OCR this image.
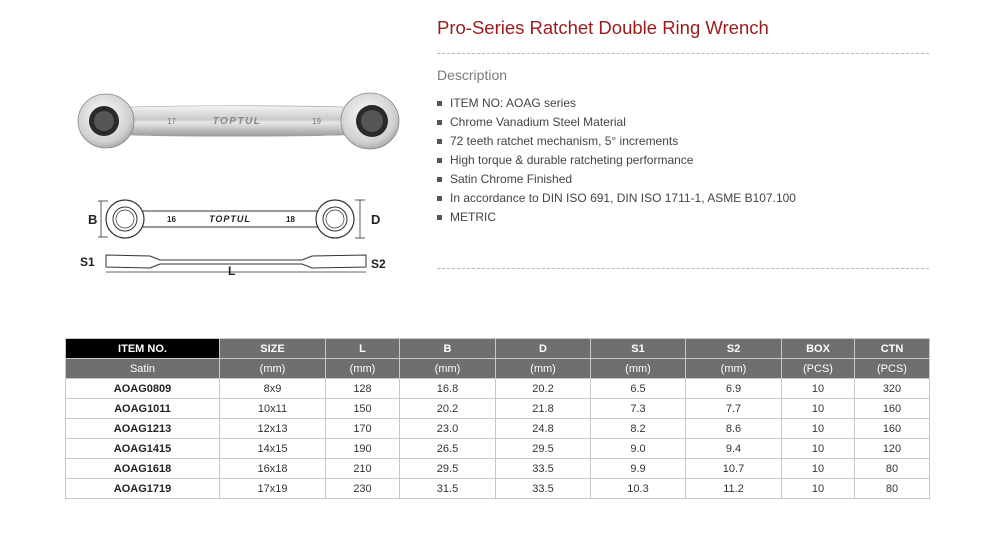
17	TOPTUL	19
B	16	TOPTUL	18	D
S1
L	S2
Pro-Series Ratchet Double Ring Wrench
Description
ITEM NO: AOAG series
Chrome Vanadium Steel Material
72 teeth ratchet mechanism, 5° increments
High torque & durable ratcheting performance
Satin Chrome Finished
In accordance to DIN ISO 691, DIN ISO 1711-1, ASME B107.100
METRIC
ITEM NO.	SIZE	L	B	D	S1	S2	BOX	CTN
Satin	(mm)	(mm)	(mm)	(mm)	(mm)	(mm)	(PCS)	(PCS)
AOAG0809	8x9	128	16.8	20.2	6.5	6.9	10	320
AOAG1011	10x11	150	20.2	21.8	7.3	7.7	10	160
AOAG1213	12x13	170	23.0	24.8	8.2	8.6	10	160
AOAG1415	14x15	190	26.5	29.5	9.0	9.4	10	120
AOAG1618	16x18	210	29.5	33.5	9.9	10.7	10	80
AOAG1719	17x19	230	31.5	33.5	10.3	11.2	10	80
